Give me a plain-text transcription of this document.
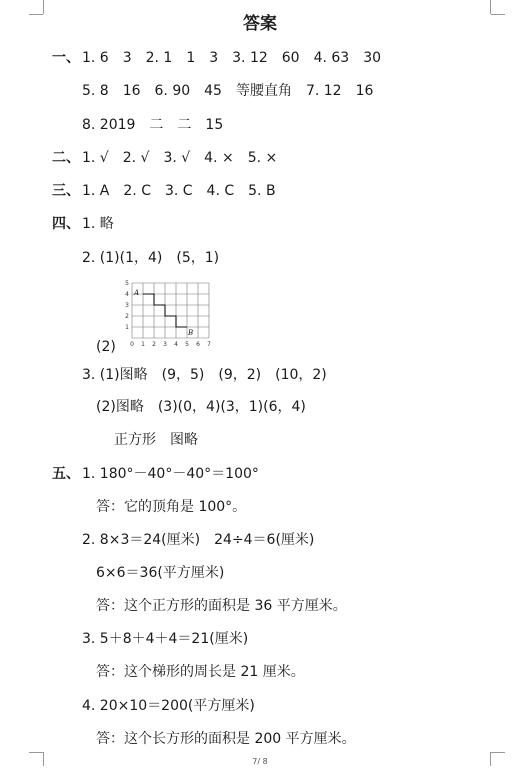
答案
一、 1. 6　3　2. 1　1　3　3. 12　60　4. 63　30
5. 8　16　6. 90　45　等腰直角　7. 12　16
8. 2019　二　二　15
二、 1. √　2. √　3. √　4. ×　5. ×
三、 1. A　2. C　3. C　4. C　5. B
四、 1. 略
2. (1)(1，4)　(5，1)
0 1 2 3 4 5 6 7
1
2
3
4
5
A
B
(2)
3. (1)图略　(9，5)　(9，2)　(10，2)
(2)图略　(3)(0，4)(3，1)(6，4)
正方形　图略
五、 1. 180°－40°－40°＝100°
答：它的顶角是 100°。
2. 8×3＝24(厘米)　24÷4＝6(厘米)
6×6＝36(平方厘米)
答：这个正方形的面积是 36 平方厘米。
3. 5＋8＋4＋4＝21(厘米)
答：这个梯形的周长是 21 厘米。
4. 20×10＝200(平方厘米)
答：这个长方形的面积是 200 平方厘米。
7/ 8
